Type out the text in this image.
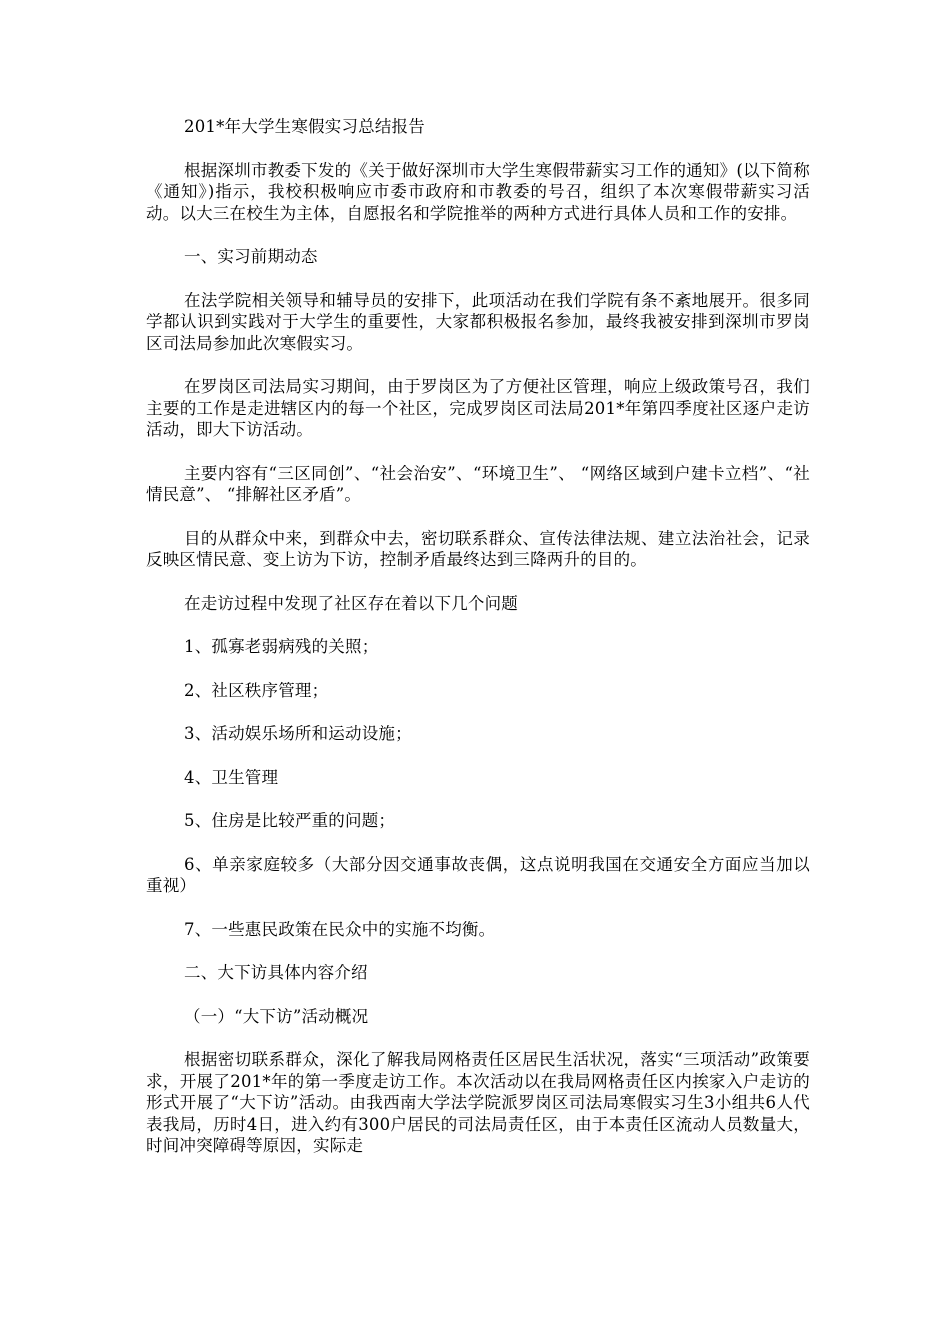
201*年大学生寒假实习总结报告

根据深圳市教委下发的《关于做好深圳市大学生寒假带薪实习工作的通知》(以下简称《通知》)指示，我校积极响应市委市政府和市教委的号召，组织了本次寒假带薪实习活动。以大三在校生为主体，自愿报名和学院推举的两种方式进行具体人员和工作的安排。

一、实习前期动态

在法学院相关领导和辅导员的安排下，此项活动在我们学院有条不紊地展开。很多同学都认识到实践对于大学生的重要性，大家都积极报名参加，最终我被安排到深圳市罗岗区司法局参加此次寒假实习。

在罗岗区司法局实习期间，由于罗岗区为了方便社区管理，响应上级政策号召，我们主要的工作是走进辖区内的每一个社区，完成罗岗区司法局201*年第四季度社区逐户走访活动，即大下访活动。

主要内容有“三区同创”、“社会治安”、“环境卫生”、 “网络区域到户建卡立档”、“社情民意”、 “排解社区矛盾”。

目的从群众中来，到群众中去，密切联系群众、宣传法律法规、建立法治社会，记录反映区情民意、变上访为下访，控制矛盾最终达到三降两升的目的。

在走访过程中发现了社区存在着以下几个问题

1、孤寡老弱病残的关照；

2、社区秩序管理；

3、活动娱乐场所和运动设施；

4、卫生管理

5、住房是比较严重的问题；

6、单亲家庭较多（大部分因交通事故丧偶，这点说明我国在交通安全方面应当加以重视）

7、一些惠民政策在民众中的实施不均衡。

二、大下访具体内容介绍

（一）“大下访”活动概况

根据密切联系群众，深化了解我局网格责任区居民生活状况，落实“三项活动”政策要求，开展了201*年的第一季度走访工作。本次活动以在我局网格责任区内挨家入户走访的形式开展了“大下访”活动。由我西南大学法学院派罗岗区司法局寒假实习生3小组共6人代表我局，历时4日，进入约有300户居民的司法局责任区，由于本责任区流动人员数量大，时间冲突障碍等原因，实际走
